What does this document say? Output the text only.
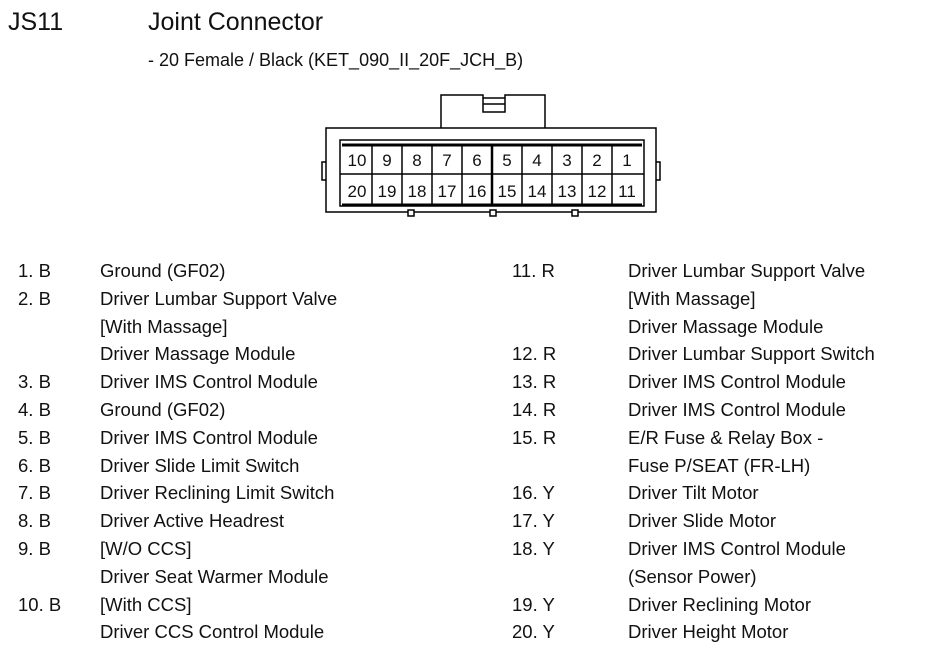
JS11	Joint Connector
- 20 Female / Black (KET_090_II_20F_JCH_B)
10 9 8 7 6 5 4 3 2 1
20 19 18 17 16 15 14 13 12 11
1. B	Ground (GF02)
2. B	Driver Lumbar Support Valve
[With Massage]
Driver Massage Module
3. B	Driver IMS Control Module
4. B	Ground (GF02)
5. B	Driver IMS Control Module
6. B	Driver Slide Limit Switch
7. B	Driver Reclining Limit Switch
8. B	Driver Active Headrest
9. B	[W/O CCS]
Driver Seat Warmer Module
10. B	[With CCS]
Driver CCS Control Module
11. R	Driver Lumbar Support Valve
[With Massage]
Driver Massage Module
12. R	Driver Lumbar Support Switch
13. R	Driver IMS Control Module
14. R	Driver IMS Control Module
15. R	E/R Fuse & Relay Box -
Fuse P/SEAT (FR-LH)
16. Y	Driver Tilt Motor
17. Y	Driver Slide Motor
18. Y	Driver IMS Control Module
(Sensor Power)
19. Y	Driver Reclining Motor
20. Y	Driver Height Motor
